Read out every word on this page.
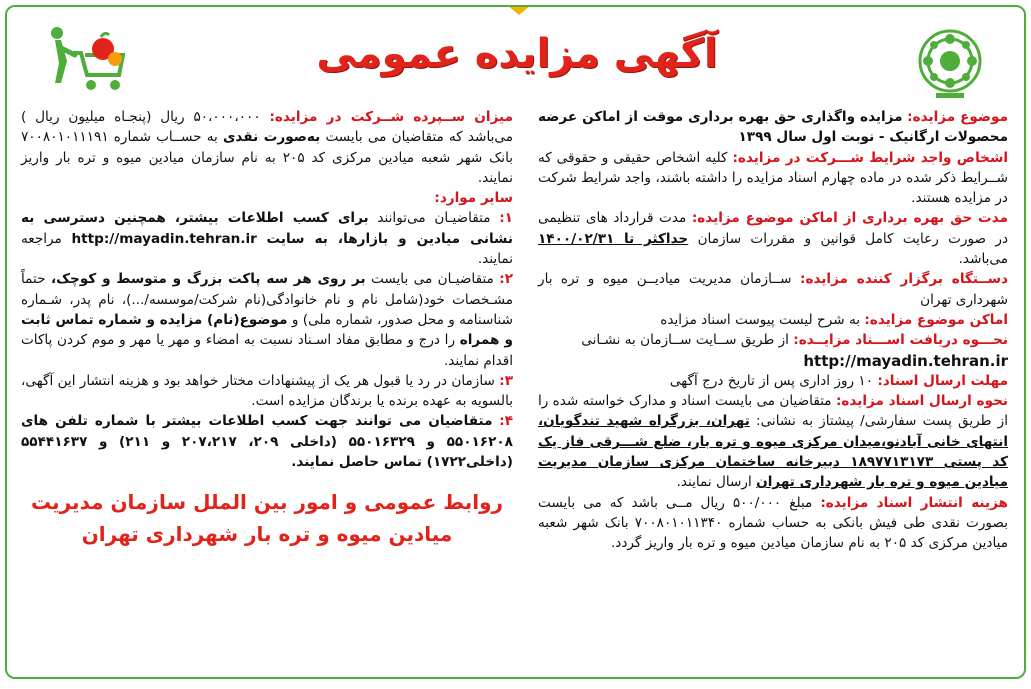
آگهی مزایده عمومی

موضوع مزایده: مزایده واگذاری حق بهره برداری موقت از اماکن عرضه محصولات ارگانیک - نوبت اول سال ۱۳۹۹

اشخاص واجد شرایط شـــرکت در مزایده: کلیه اشخاص حقیقی و حقوقی که شــرایط ذکر شده در ماده چهارم اسناد مزایده را داشته باشند، واجد شرایط شرکت در مزایده هستند.

مدت حق بهره برداری از اماکن موضوع مزایده: مدت قرارداد های تنظیمی در صورت رعایت کامل قوانین و مقررات سازمان حداکثر تا ۱۴۰۰/۰۲/۳۱ می‌باشد.

دســتگاه برگزار کننده مزایده: ســازمان مدیریت میادیــن میوه و تره بار شهرداری تهران

اماکن موضوع مزایده: به شرح لیست پیوست اسناد مزایده

نحـــوه دریافت اســـناد مزایــده: از طریق ســایت ســازمان به نشـانی

http://mayadin.tehran.ir

مهلت ارسال اسناد: ۱۰ روز اداری پس از تاریخ درج آگهی

نحوه ارسال اسناد مزایده: متقاضیان می بایست اسناد و مدارک خواسته شده را از طریق پست سفارشی/ پیشتاز به نشانی: تهران، بزرگراه شهید تندگویان، انتهای خانی آبادنو،میدان مرکزی میوه و تره بار، ضلع شـــرقی فاز یک کد پستی ۱۸۹۷۷۱۳۱۷۳ دبیرخانه ساختمان مرکزی سازمان مدیریت میادین میوه و تره بار شهرداری تهران ارسال نمایند.

هزینه انتشار اسناد مزایده: مبلغ ۵۰۰/۰۰۰ ریال مــی باشد که می بایست بصورت نقدی طی فیش بانکی به حساب شماره ۷۰۰۸۰۱۰۱۱۳۴۰ بانک شهر شعبه میادین مرکزی کد ۲۰۵ به نام سازمان میادین میوه و تره بار واریز گردد.

میزان ســپرده شــرکت در مزایده: ۵۰،۰۰۰،۰۰۰ ریال (پنجـاه میلیون ریال ) می‌باشد که متقاضیان می بایست به‌صورت نقدی به حســاب شماره ۷۰۰۸۰۱۰۱۱۱۹۱ بانک شهر شعبه میادین مرکزی کد ۲۰۵ به نام سازمان میادین میوه و تره بار واریز نمایند.

سایر موارد:

۱: متقاضیـان می‌توانند برای کسب اطلاعات بیشتر، همچنین دسترسی به نشانی میادین و بازارها، به سایت http://mayadin.tehran.ir مراجعه نمایند.

۲: متقاضیـان می بایست بر روی هر سه پاکت بزرگ و متوسط و کوچک، حتماً مشـخصات خود(شامل نام و نام خانوادگی(نام شرکت/موسسه/...)، نام پدر، شـماره شناسنامه و محل صدور، شماره ملی) و موضوع(نام) مزایده و شماره تماس ثابت و همراه را درج و مطابق مفاد اسـناد نسبت به امضاء و مهر یا مهر و موم کردن پاکات اقدام نمایند.

۳: سازمان در رد یا قبول هر یک از پیشنهادات مختار خواهد بود و هزینه انتشار این آگهی، بالسویه به عهده برنده یا برندگان مزایده است.

۴: متقاضیان می توانند جهت کسب اطلاعات بیشتر با شماره تلفن های ۵۵۰۱۶۲۰۸ و ۵۵۰۱۶۳۲۹ (داخلی ۲۰۹، ۲۰۷،۲۱۷ و ۲۱۱) و ۵۵۴۴۱۶۳۷ (داخلی۱۷۲۲) تماس حاصل نمایند.

روابط عمومی و امور بین الملل سازمان مدیریت
میادین میوه و تره بار شهرداری تهران
